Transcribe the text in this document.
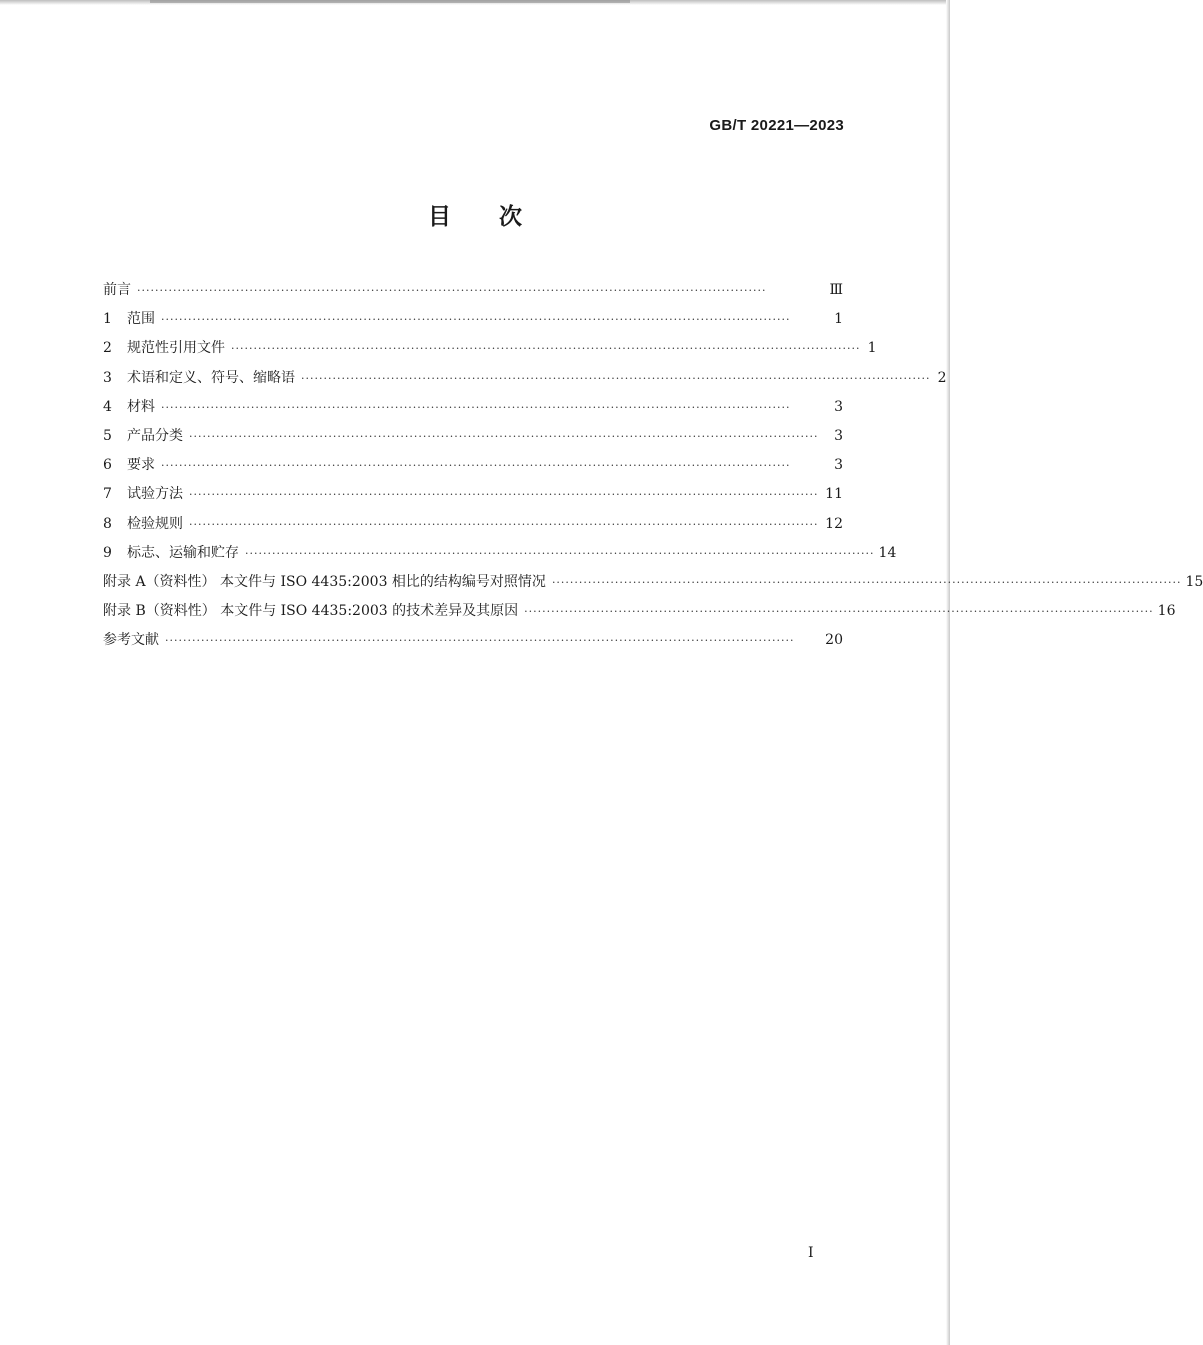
GB/T 20221—2023
目次
前言 ············································································································································	Ⅲ
1	范围 ············································································································································	1
2	规范性引用文件 ············································································································································ 1
3	术语和定义、符号、缩略语 ············································································································································ 2
4	材料 ············································································································································	3
5	产品分类 ············································································································································	3
6	要求 ············································································································································	3
7	试验方法 ············································································································································ 11
8	检验规则 ············································································································································ 12
9	标志、运输和贮存 ············································································································································ 14
附录 A（资料性） 本文件与 ISO 4435:2003 相比的结构编号对照情况 ············································································································································ 15
附录 B（资料性） 本文件与 ISO 4435:2003 的技术差异及其原因 ············································································································································ 16
参考文献 ············································································································································	20
I
